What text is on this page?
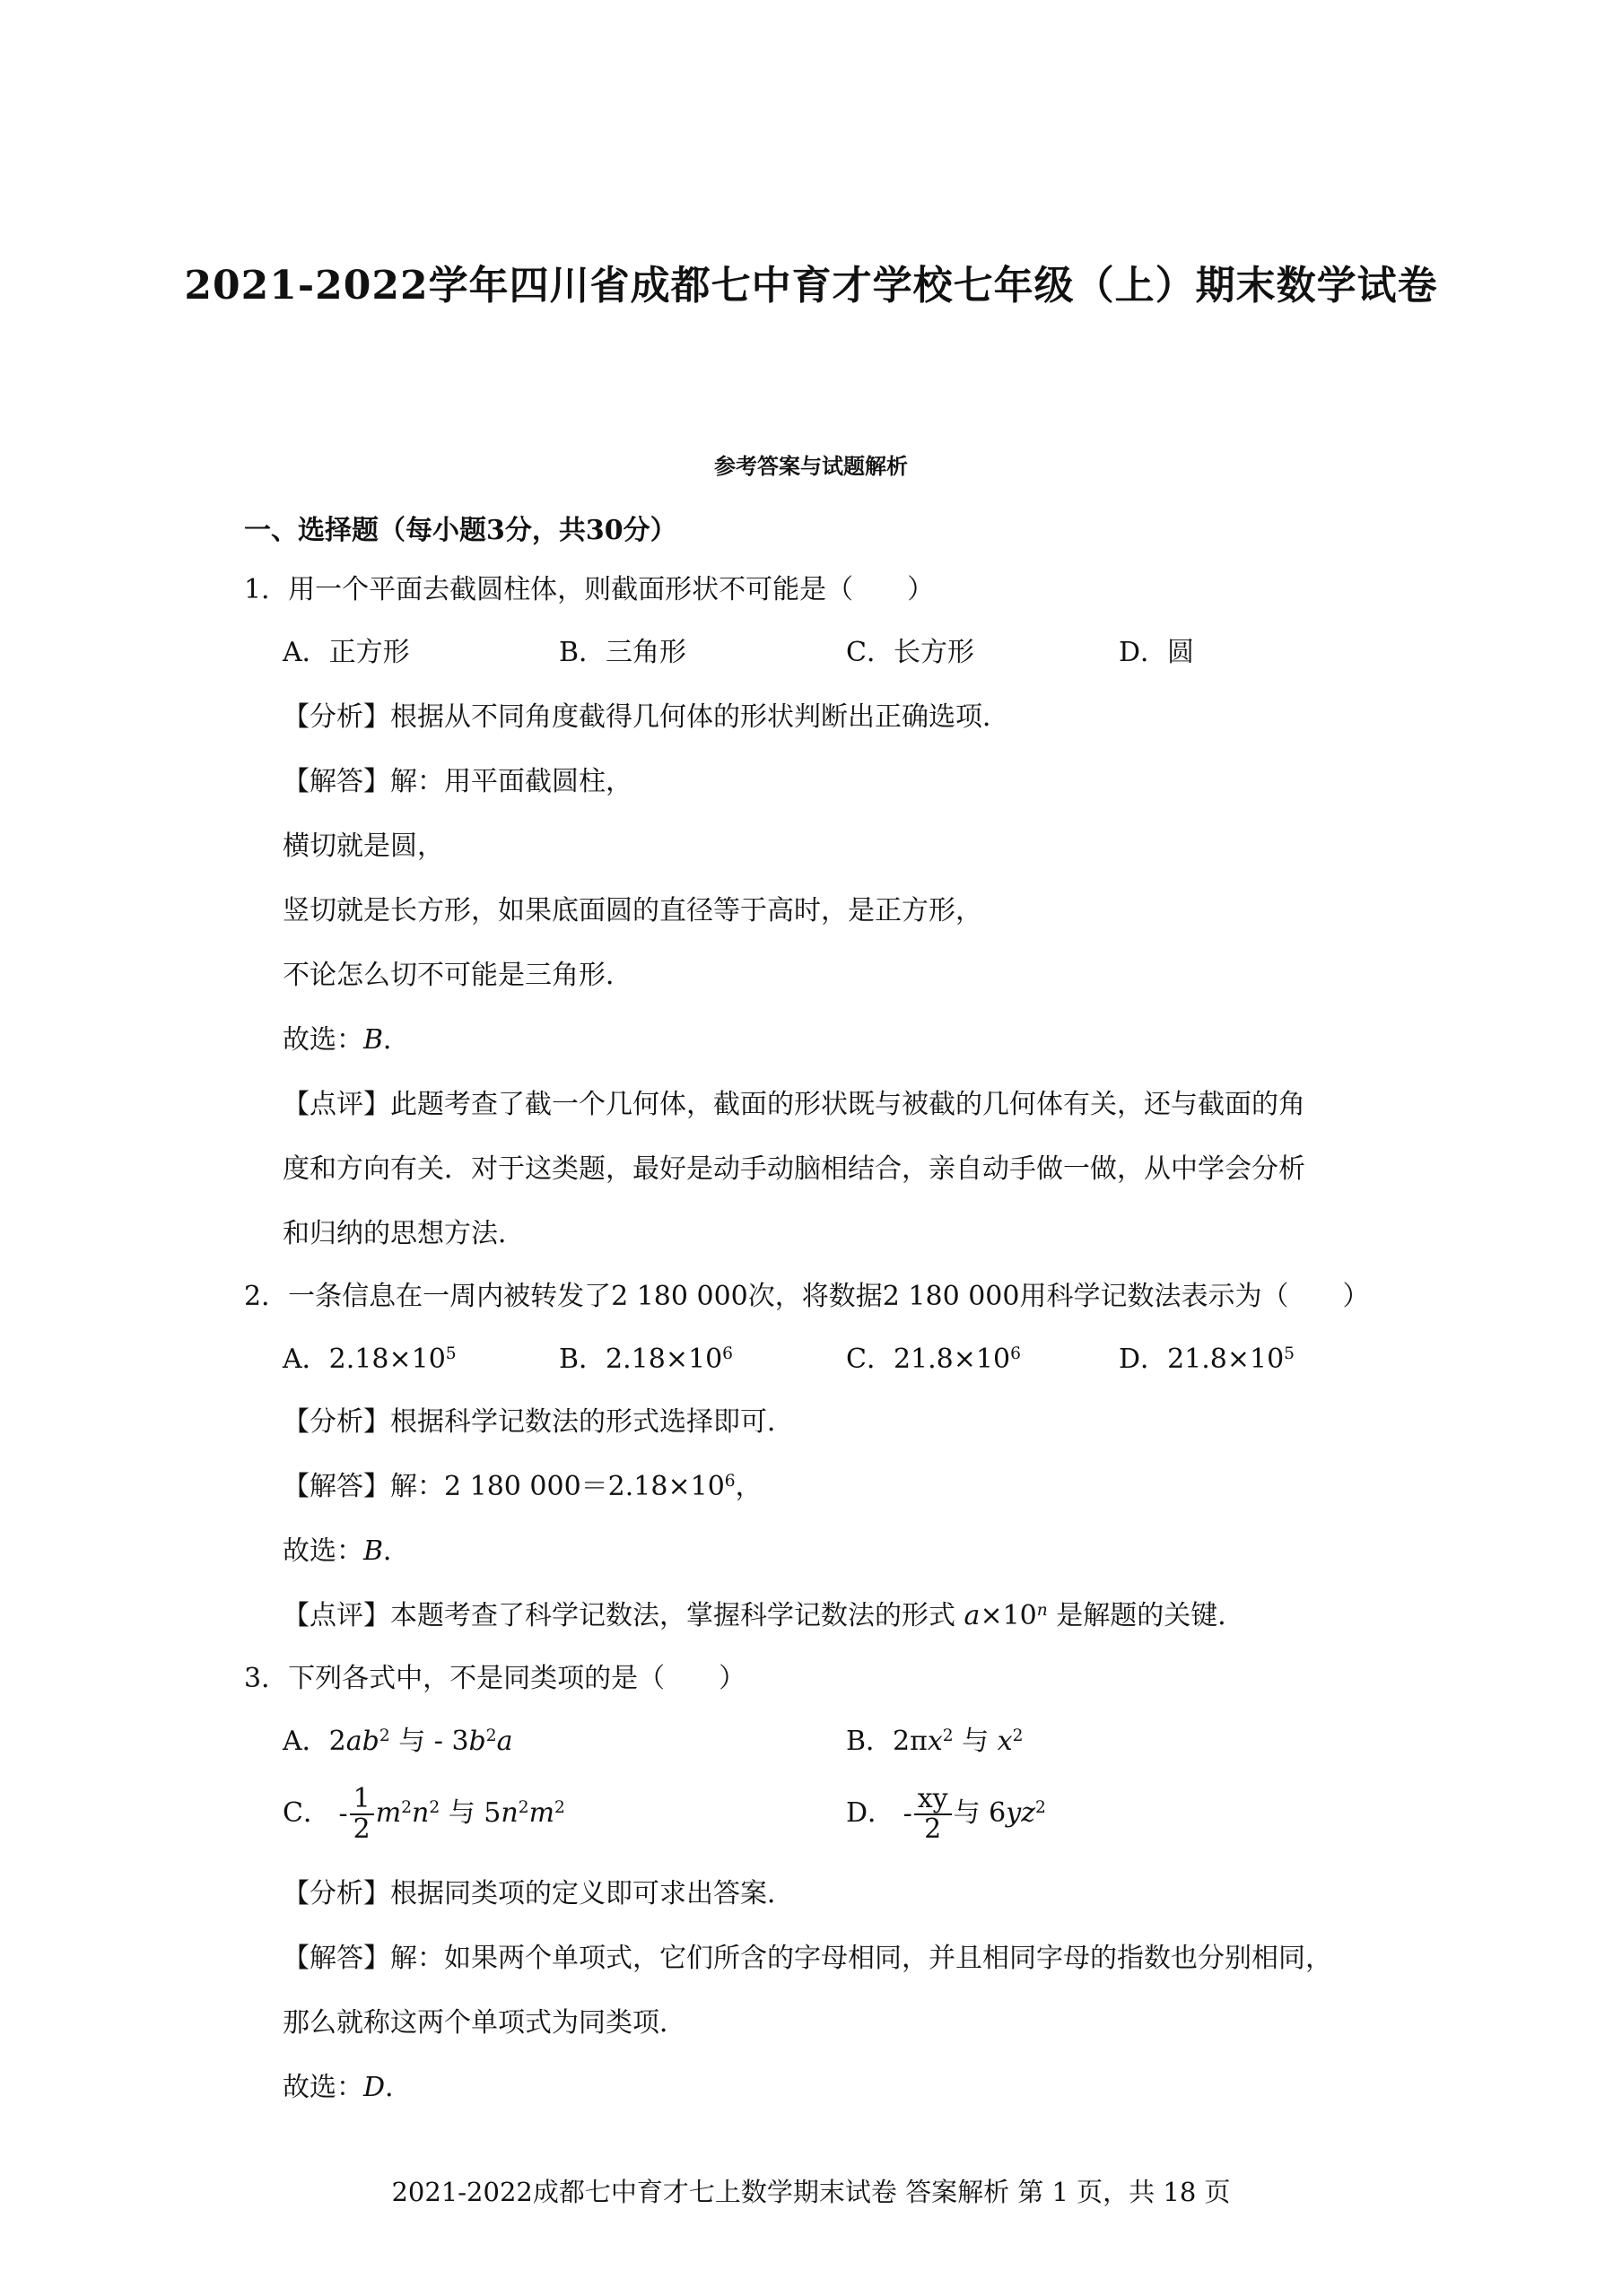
2021-2022学年四川省成都七中育才学校七年级（上）期末数学试卷
参考答案与试题解析
一、选择题（每小题3分，共30分）
1．用一个平面去截圆柱体，则截面形状不可能是（　　）
A．正方形	B．三角形	C．长方形	D．圆
【分析】根据从不同角度截得几何体的形状判断出正确选项．
【解答】解：用平面截圆柱，
横切就是圆，
竖切就是长方形，如果底面圆的直径等于高时，是正方形，
不论怎么切不可能是三角形．
故选：B．
【点评】此题考查了截一个几何体，截面的形状既与被截的几何体有关，还与截面的角
度和方向有关．对于这类题，最好是动手动脑相结合，亲自动手做一做，从中学会分析
和归纳的思想方法．
2．一条信息在一周内被转发了2 180 000次，将数据2 180 000用科学记数法表示为（　　）
A．$2.18\times 10^5$	B．$2.18\times 10^6$	C．$21.8\times 10^6$	D．$21.8\times 10^5$
【分析】根据科学记数法的形式选择即可．
【解答】解：2 180 $000=2.18\times 10^6$，
故选：B．
【点评】本题考查了科学记数法，掌握科学记数法的形式 $a\times 10^n$ 是解题的关键．
3．下列各式中，不是同类项的是（　　）
A．$2ab^2$ 与 - $3b^2a$	B．$2\pi x^2$ 与 $x^2$
C． - $\frac{1}{2} m^2n^2$ 与 $5n^2m^2$	D． - $\frac{xy}{2}$ 与 $6yz^2$
【分析】根据同类项的定义即可求出答案．
【解答】解：如果两个单项式，它们所含的字母相同，并且相同字母的指数也分别相同，
那么就称这两个单项式为同类项．
故选：D．
2021-2022成都七中育才七上数学期末试卷 答案解析 第 1 页，共 18 页
